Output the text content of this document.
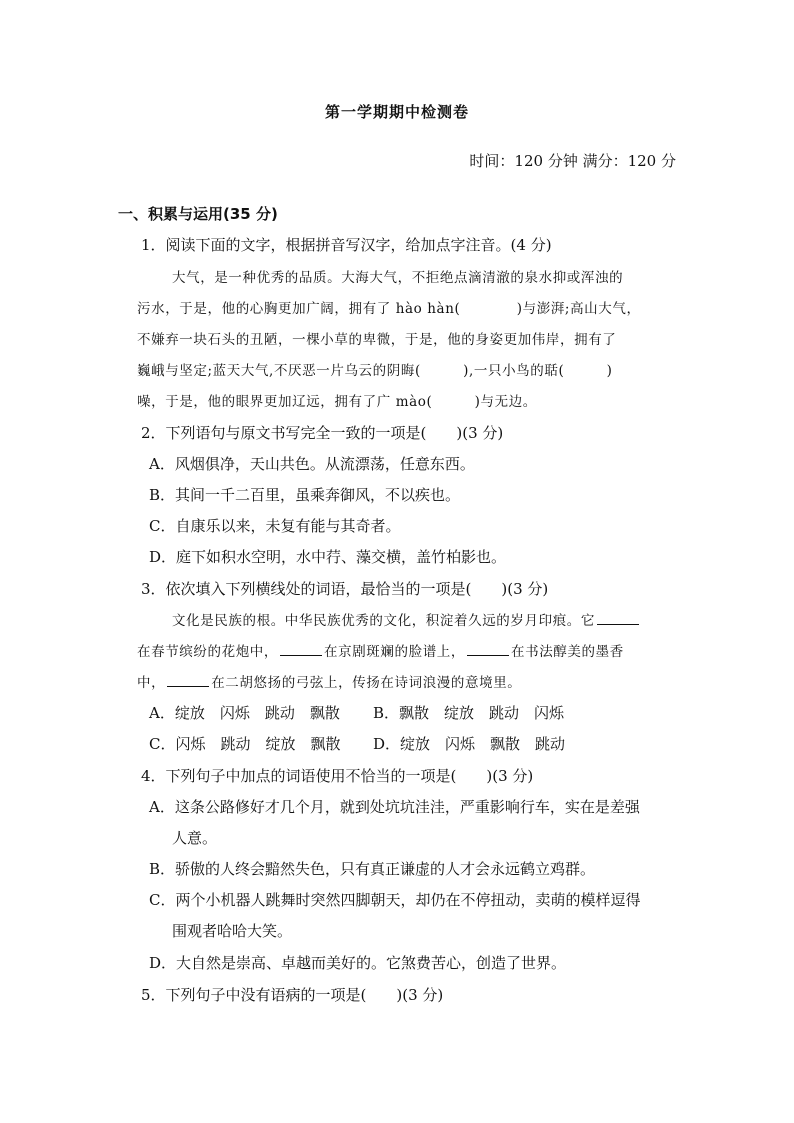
第一学期期中检测卷
时间：120 分钟 满分：120 分
一、积累与运用(35 分)
1．阅读下面的文字，根据拼音写汉字，给加点字注音。(4 分)
大气，是一种优秀的品质。大海大气，不拒绝点滴清澈的泉水抑或浑浊的
污水，于是，他的心胸更加广阔，拥有了 hào hàn(　　　　)与澎湃;高山大气，
不嫌弃一块石头的丑陋，一棵小草的卑微，于是，他的身姿更加伟岸，拥有了
巍峨与坚定;蓝天大气,不厌恶一片乌云的阴晦(　　　),一只小鸟的聒(　　　)
噪，于是，他的眼界更加辽远，拥有了广 mào(　　　)与无边。
2．下列语句与原文书写完全一致的一项是(　　)(3 分)
A．风烟俱净，天山共色。从流漂荡，任意东西。
B．其间一千二百里，虽乘奔御风，不以疾也。
C．自康乐以来，未复有能与其奇者。
D．庭下如积水空明，水中荇、藻交横，盖竹柏影也。
3．依次填入下列横线处的词语，最恰当的一项是(　　)(3 分)
文化是民族的根。中华民族优秀的文化，积淀着久远的岁月印痕。它
在春节缤纷的花炮中，	在京剧斑斓的脸谱上，	在书法醇美的墨香
中，	在二胡悠扬的弓弦上，传扬在诗词浪漫的意境里。
A．绽放　闪烁　跳动　飘散 B．飘散　绽放　跳动　闪烁
C．闪烁　跳动　绽放　飘散 D．绽放　闪烁　飘散　跳动
4．下列句子中加点的词语使用不恰当的一项是(　　)(3 分)
A．这条公路修好才几个月，就到处坑坑洼洼，严重影响行车，实在是差强
人意。
B．骄傲的人终会黯然失色，只有真正谦虚的人才会永远鹤立鸡群。
C．两个小机器人跳舞时突然四脚朝天，却仍在不停扭动，卖萌的模样逗得
围观者哈哈大笑。
D．大自然是崇高、卓越而美好的。它煞费苦心，创造了世界。
5．下列句子中没有语病的一项是(　　)(3 分)
